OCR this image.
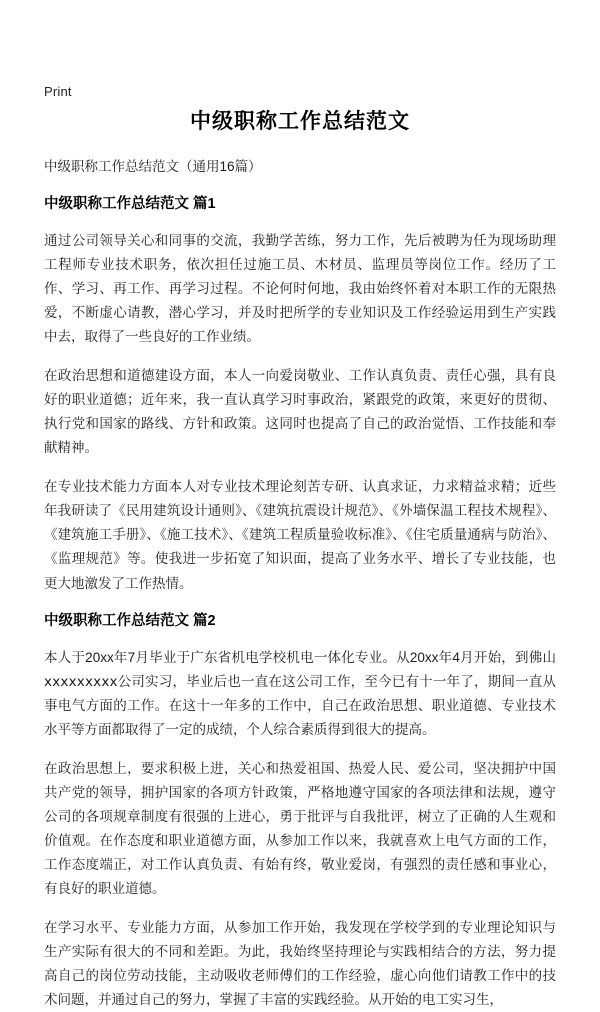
Print
中级职称工作总结范文

中级职称工作总结范文（通用16篇）

中级职称工作总结范文 篇1

通过公司领导关心和同事的交流，我勤学苦练，努力工作，先后被聘为任为现场助理工程师专业技术职务，依次担任过施工员、木材员、监理员等岗位工作。经历了工作、学习、再工作、再学习过程。不论何时何地，我由始终怀着对本职工作的无限热爱，不断虚心请教，潜心学习，并及时把所学的专业知识及工作经验运用到生产实践中去，取得了一些良好的工作业绩。

在政治思想和道德建设方面，本人一向爱岗敬业、工作认真负责、责任心强，具有良好的职业道德；近年来，我一直认真学习时事政治，紧跟党的政策，来更好的贯彻、执行党和国家的路线、方针和政策。这同时也提高了自己的政治觉悟、工作技能和奉献精神。

在专业技术能力方面本人对专业技术理论刻苦专研、认真求证，力求精益求精；近些年我研读了《民用建筑设计通则》、《建筑抗震设计规范》、《外墙保温工程技术规程》、《建筑施工手册》、《施工技术》、《建筑工程质量验收标准》、《住宅质量通病与防治》、《监理规范》等。使我进一步拓宽了知识面，提高了业务水平、增长了专业技能，也更大地激发了工作热情。

中级职称工作总结范文 篇2

本人于20xx年7月毕业于广东省机电学校机电一体化专业。从20xx年4月开始，到佛山ⅹⅹⅹⅹⅹⅹⅹⅹⅹ公司实习，毕业后也一直在这公司工作，至今已有十一年了，期间一直从事电气方面的工作。在这十一年多的工作中，自己在政治思想、职业道德、专业技术水平等方面都取得了一定的成绩，个人综合素质得到很大的提高。

在政治思想上，要求积极上进，关心和热爱祖国、热爱人民、爱公司，坚决拥护中国共产党的领导，拥护国家的各项方针政策，严格地遵守国家的各项法律和法规，遵守公司的各项规章制度有很强的上进心，勇于批评与自我批评，树立了正确的人生观和价值观。在作态度和职业道德方面，从参加工作以来，我就喜欢上电气方面的工作，工作态度端正，对工作认真负责、有始有终，敬业爱岗，有强烈的责任感和事业心，有良好的职业道德。

在学习水平、专业能力方面，从参加工作开始，我发现在学校学到的专业理论知识与生产实际有很大的不同和差距。为此，我始终坚持理论与实践相结合的方法，努力提高自己的岗位劳动技能，主动吸收老师傅们的工作经验，虚心向他们请教工作中的技术问题，并通过自己的努力，掌握了丰富的实践经验。从开始的电工实习生，
